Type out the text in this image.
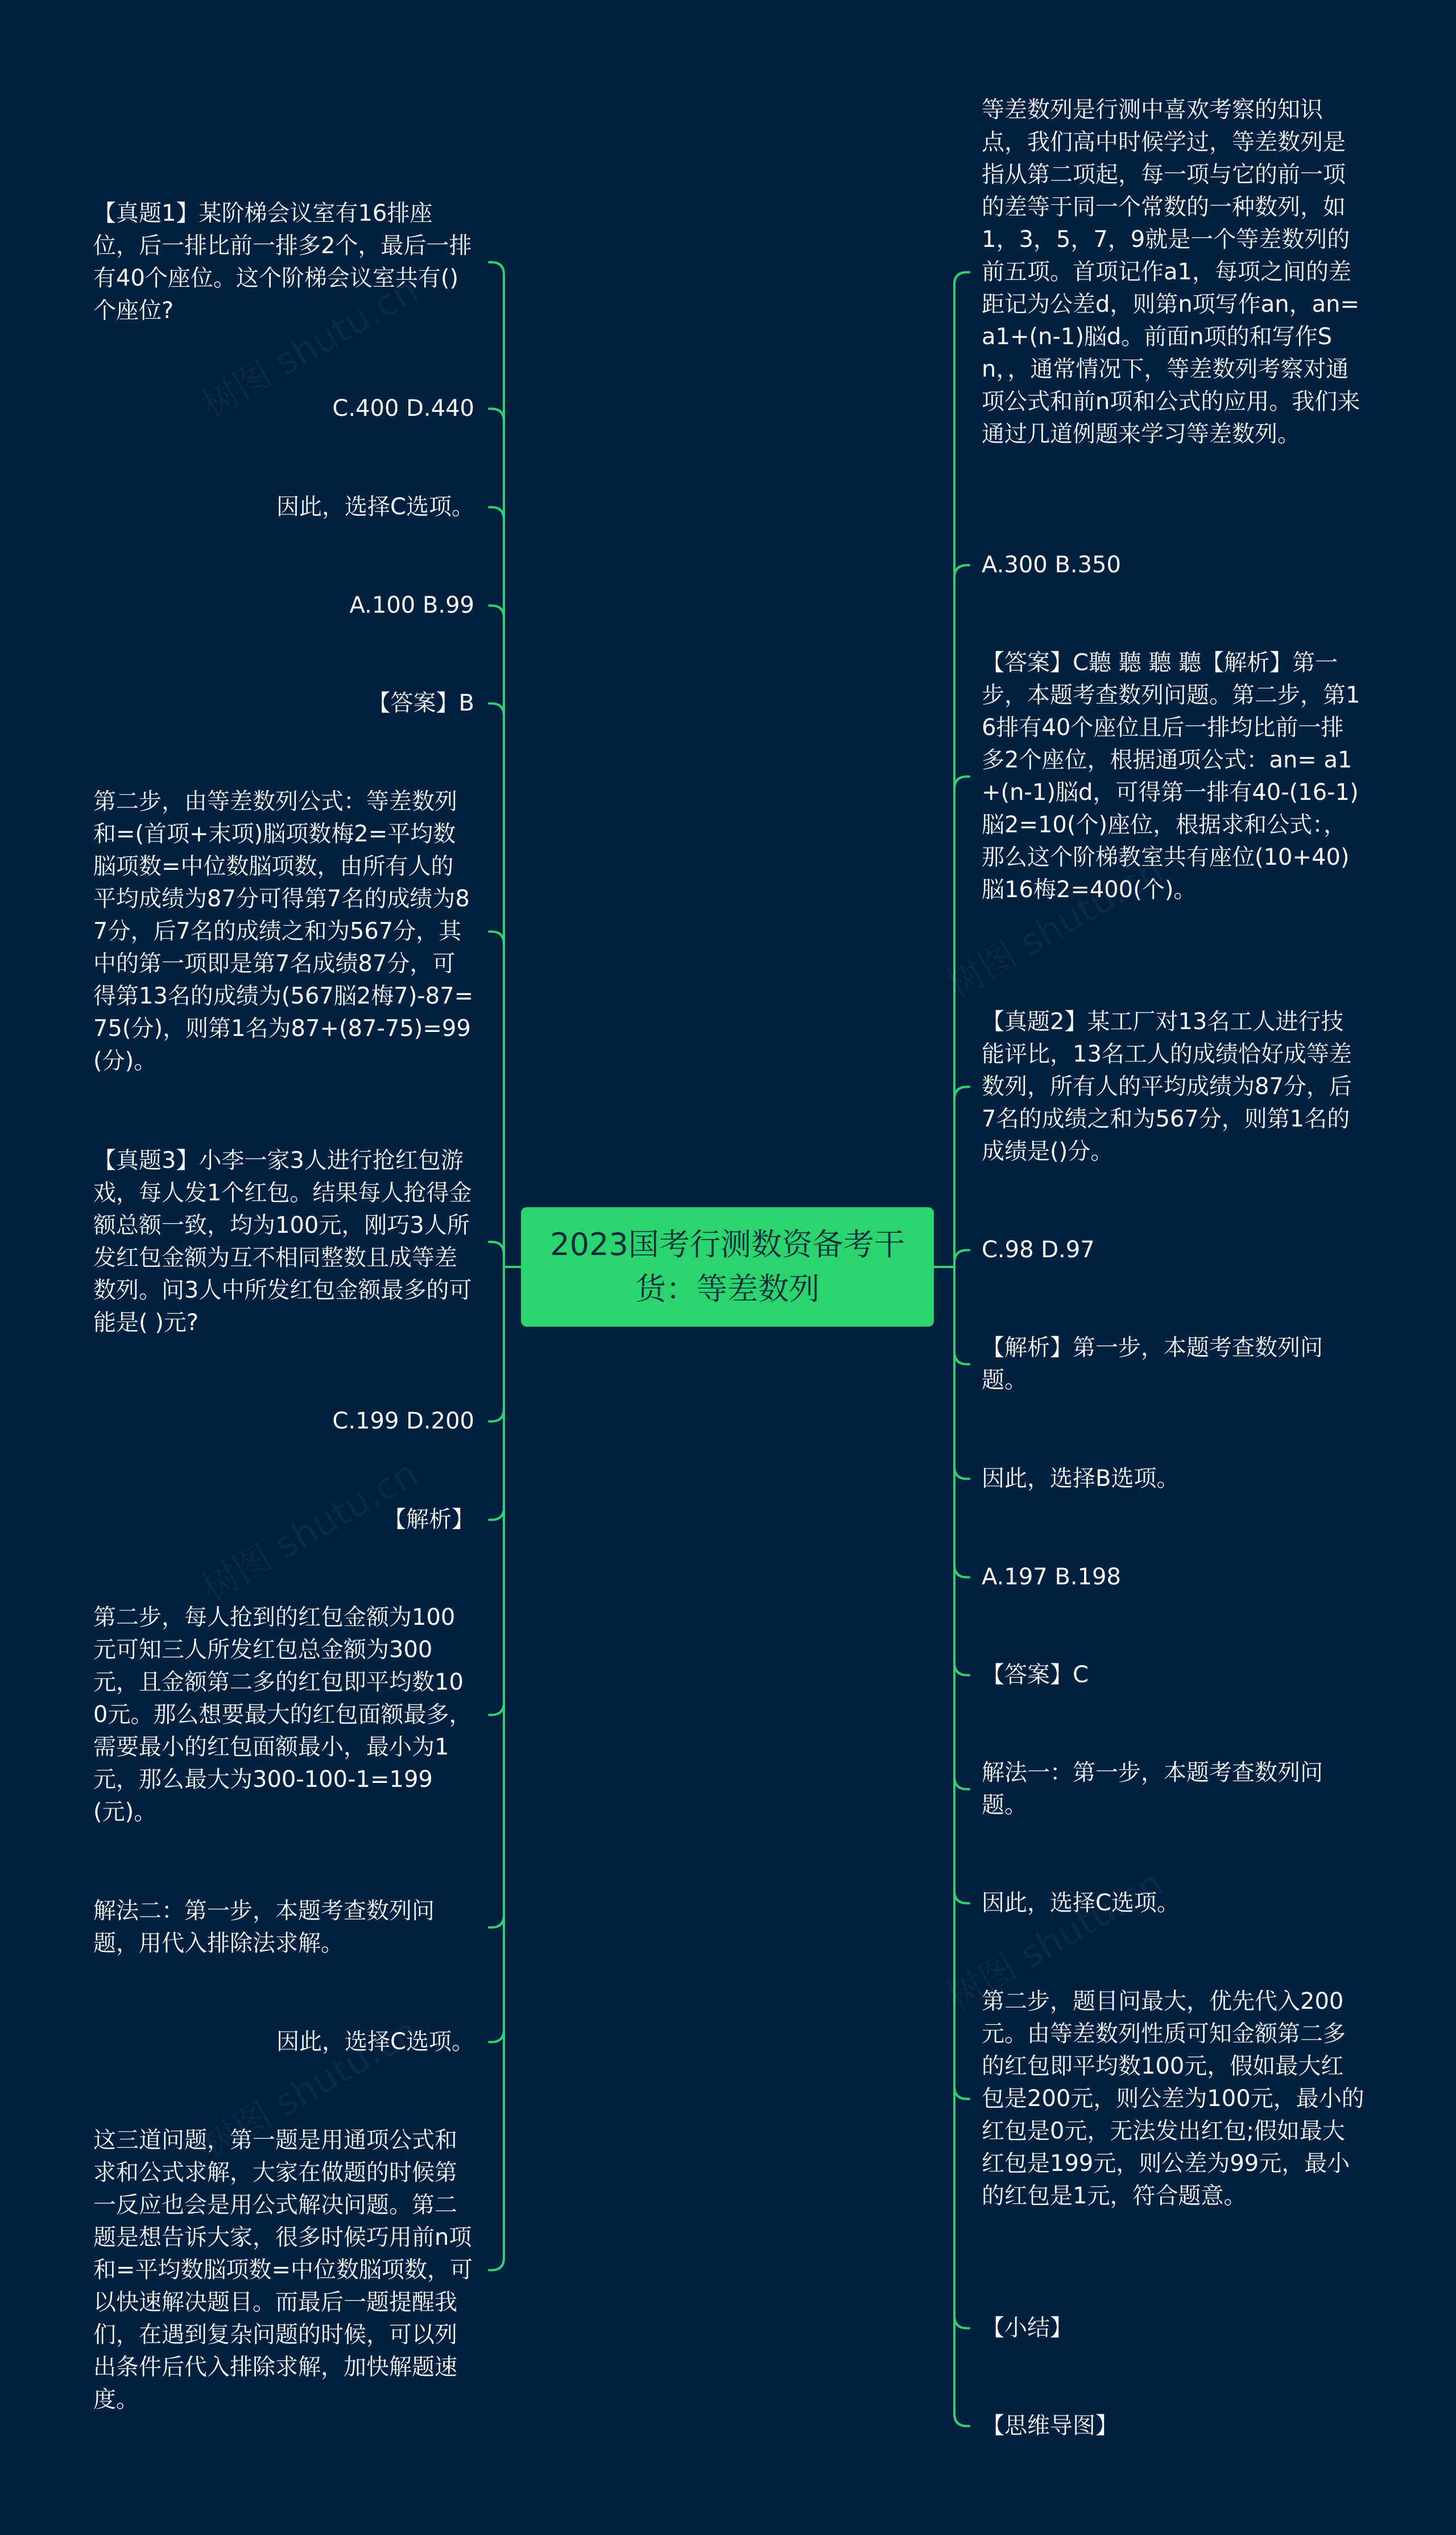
2023国考行测数资备考干货：等差数列
【真题1】某阶梯会议室有16排座位，后一排比前一排多2个，最后一排有40个座位。这个阶梯会议室共有()个座位?
C.400 D.440
因此，选择C选项。
A.100 B.99
【答案】B
第二步，由等差数列公式：等差数列和=(首项+末项)脳项数梅2=平均数脳项数=中位数脳项数，由所有人的平均成绩为87分可得第7名的成绩为87分，后7名的成绩之和为567分，其中的第一项即是第7名成绩87分，可得第13名的成绩为(567脳2梅7)-87=75(分)，则第1名为87+(87-75)=99(分)。
【真题3】小李一家3人进行抢红包游戏，每人发1个红包。结果每人抢得金额总额一致，均为100元，刚巧3人所发红包金额为互不相同整数且成等差数列。问3人中所发红包金额最多的可能是( )元?
C.199 D.200
【解析】
第二步，每人抢到的红包金额为100元可知三人所发红包总金额为300元，且金额第二多的红包即平均数100元。那么想要最大的红包面额最多，需要最小的红包面额最小，最小为1元，那么最大为300-100-1=199(元)。
解法二：第一步，本题考查数列问题，用代入排除法求解。
因此，选择C选项。
这三道问题，第一题是用通项公式和求和公式求解，大家在做题的时候第一反应也会是用公式解决问题。第二题是想告诉大家，很多时候巧用前n项和=平均数脳项数=中位数脳项数，可以快速解决题目。而最后一题提醒我们，在遇到复杂问题的时候，可以列出条件后代入排除求解，加快解题速度。
等差数列是行测中喜欢考察的知识点，我们高中时候学过，等差数列是指从第二项起，每一项与它的前一项的差等于同一个常数的一种数列，如1，3，5，7，9就是一个等差数列的前五项。首项记作a1，每项之间的差距记为公差d，则第n项写作an，an= a1+(n-1)脳d。前面n项的和写作Sn，，通常情况下，等差数列考察对通项公式和前n项和公式的应用。我们来通过几道例题来学习等差数列。
A.300 B.350
【答案】C聽 聽 聽 聽【解析】第一步，本题考查数列问题。第二步，第16排有40个座位且后一排均比前一排多2个座位，根据通项公式：an= a1+(n-1)脳d，可得第一排有40-(16-1)脳2=10(个)座位，根据求和公式：，那么这个阶梯教室共有座位(10+40)脳16梅2=400(个)。
【真题2】某工厂对13名工人进行技能评比，13名工人的成绩恰好成等差数列，所有人的平均成绩为87分，后7名的成绩之和为567分，则第1名的成绩是()分。
C.98 D.97
【解析】第一步，本题考查数列问题。
因此，选择B选项。
A.197 B.198
【答案】C
解法一：第一步，本题考查数列问题。
因此，选择C选项。
第二步，题目问最大，优先代入200元。由等差数列性质可知金额第二多的红包即平均数100元，假如最大红包是200元，则公差为100元，最小的红包是0元，无法发出红包;假如最大红包是199元，则公差为99元，最小的红包是1元，符合题意。
【小结】
【思维导图】
